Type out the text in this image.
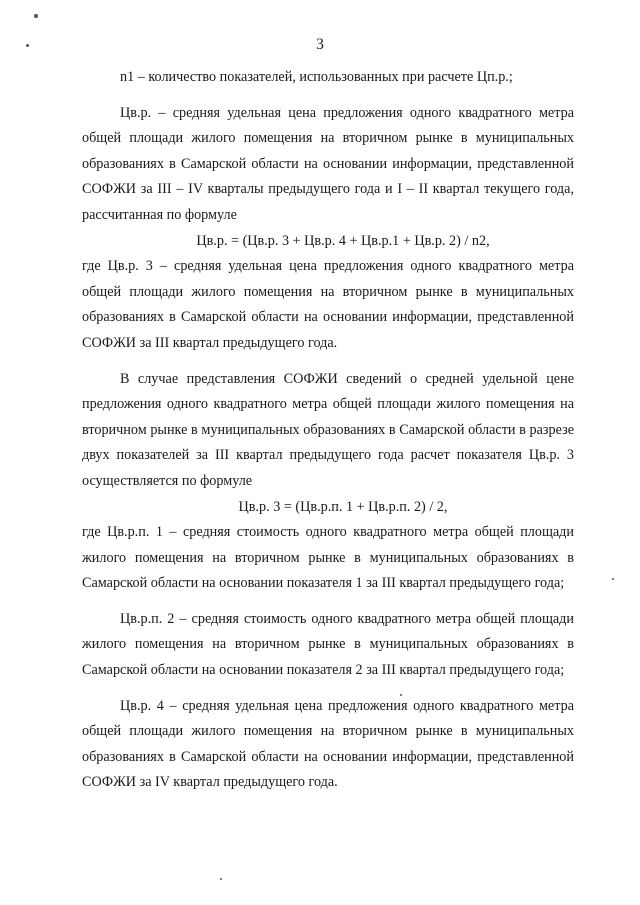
3

n1 – количество показателей, использованных при расчете Цп.р.;

Цв.р. – средняя удельная цена предложения одного квадратного метра общей площади жилого помещения на вторичном рынке в муниципальных образованиях в Самарской области на основании информации, представленной СОФЖИ за III – IV кварталы предыдущего года и I – II квартал текущего года, рассчитанная по формуле

Цв.р. = (Цв.р. 3 + Цв.р. 4 + Цв.р.1 + Цв.р. 2) / n2,

где Цв.р. 3 – средняя удельная цена предложения одного квадратного метра общей площади жилого помещения на вторичном рынке в муниципальных образованиях в Самарской области на основании информации, представленной СОФЖИ за III квартал предыдущего года.

В случае представления СОФЖИ сведений о средней удельной цене предложения одного квадратного метра общей площади жилого помещения на вторичном рынке в муниципальных образованиях в Самарской области в разрезе двух показателей за III квартал предыдущего года расчет показателя Цв.р. 3 осуществляется по формуле

Цв.р. 3 = (Цв.р.п. 1 + Цв.р.п. 2) / 2,

где Цв.р.п. 1 – средняя стоимость одного квадратного метра общей площади жилого помещения на вторичном рынке в муниципальных образованиях в Самарской области на основании показателя 1 за III квартал предыдущего года;

Цв.р.п. 2 – средняя стоимость одного квадратного метра общей площади жилого помещения на вторичном рынке в муниципальных образованиях в Самарской области на основании показателя 2 за III квартал предыдущего года;

Цв.р. 4 – средняя удельная цена предложения одного квадратного метра общей площади жилого помещения на вторичном рынке в муниципальных образованиях в Самарской области на основании информации, представленной СОФЖИ за IV квартал предыдущего года.
